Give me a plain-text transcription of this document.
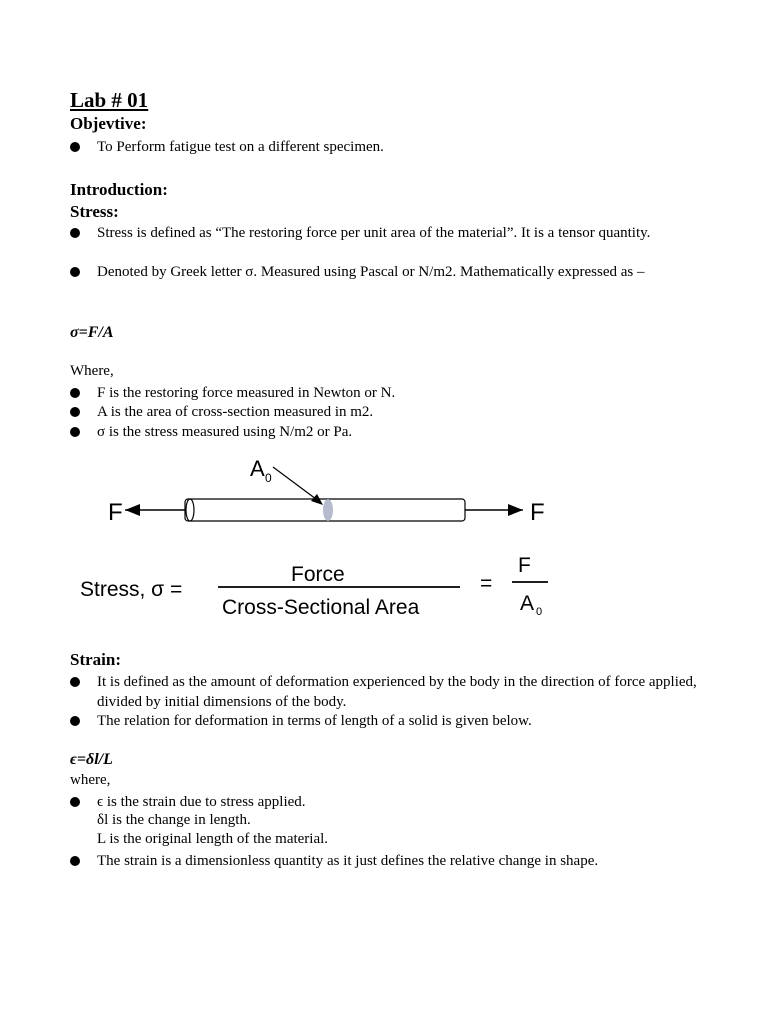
Lab # 01
Objevtive:
To Perform fatigue test on a different specimen.
Introduction:
Stress:
Stress is defined as “The restoring force per unit area of the material”. It is a tensor quantity.
Denoted by Greek letter σ. Measured using Pascal or N/m2. Mathematically expressed as –
σ=F/A
Where,
F is the restoring force measured in Newton or N.
A is the area of cross-section measured in m2.
σ is the stress measured using N/m2 or Pa.
F	F
A 0
Stress, σ =
Force
Cross-Sectional Area
=
F
A 0
Strain:
It is defined as the amount of deformation experienced by the body in the direction of force applied, divided by initial dimensions of the body.
The relation for deformation in terms of length of a solid is given below.
ϵ=δl/L
where,
ϵ is the strain due to stress applied.
δl is the change in length.
L is the original length of the material.
The strain is a dimensionless quantity as it just defines the relative change in shape.
